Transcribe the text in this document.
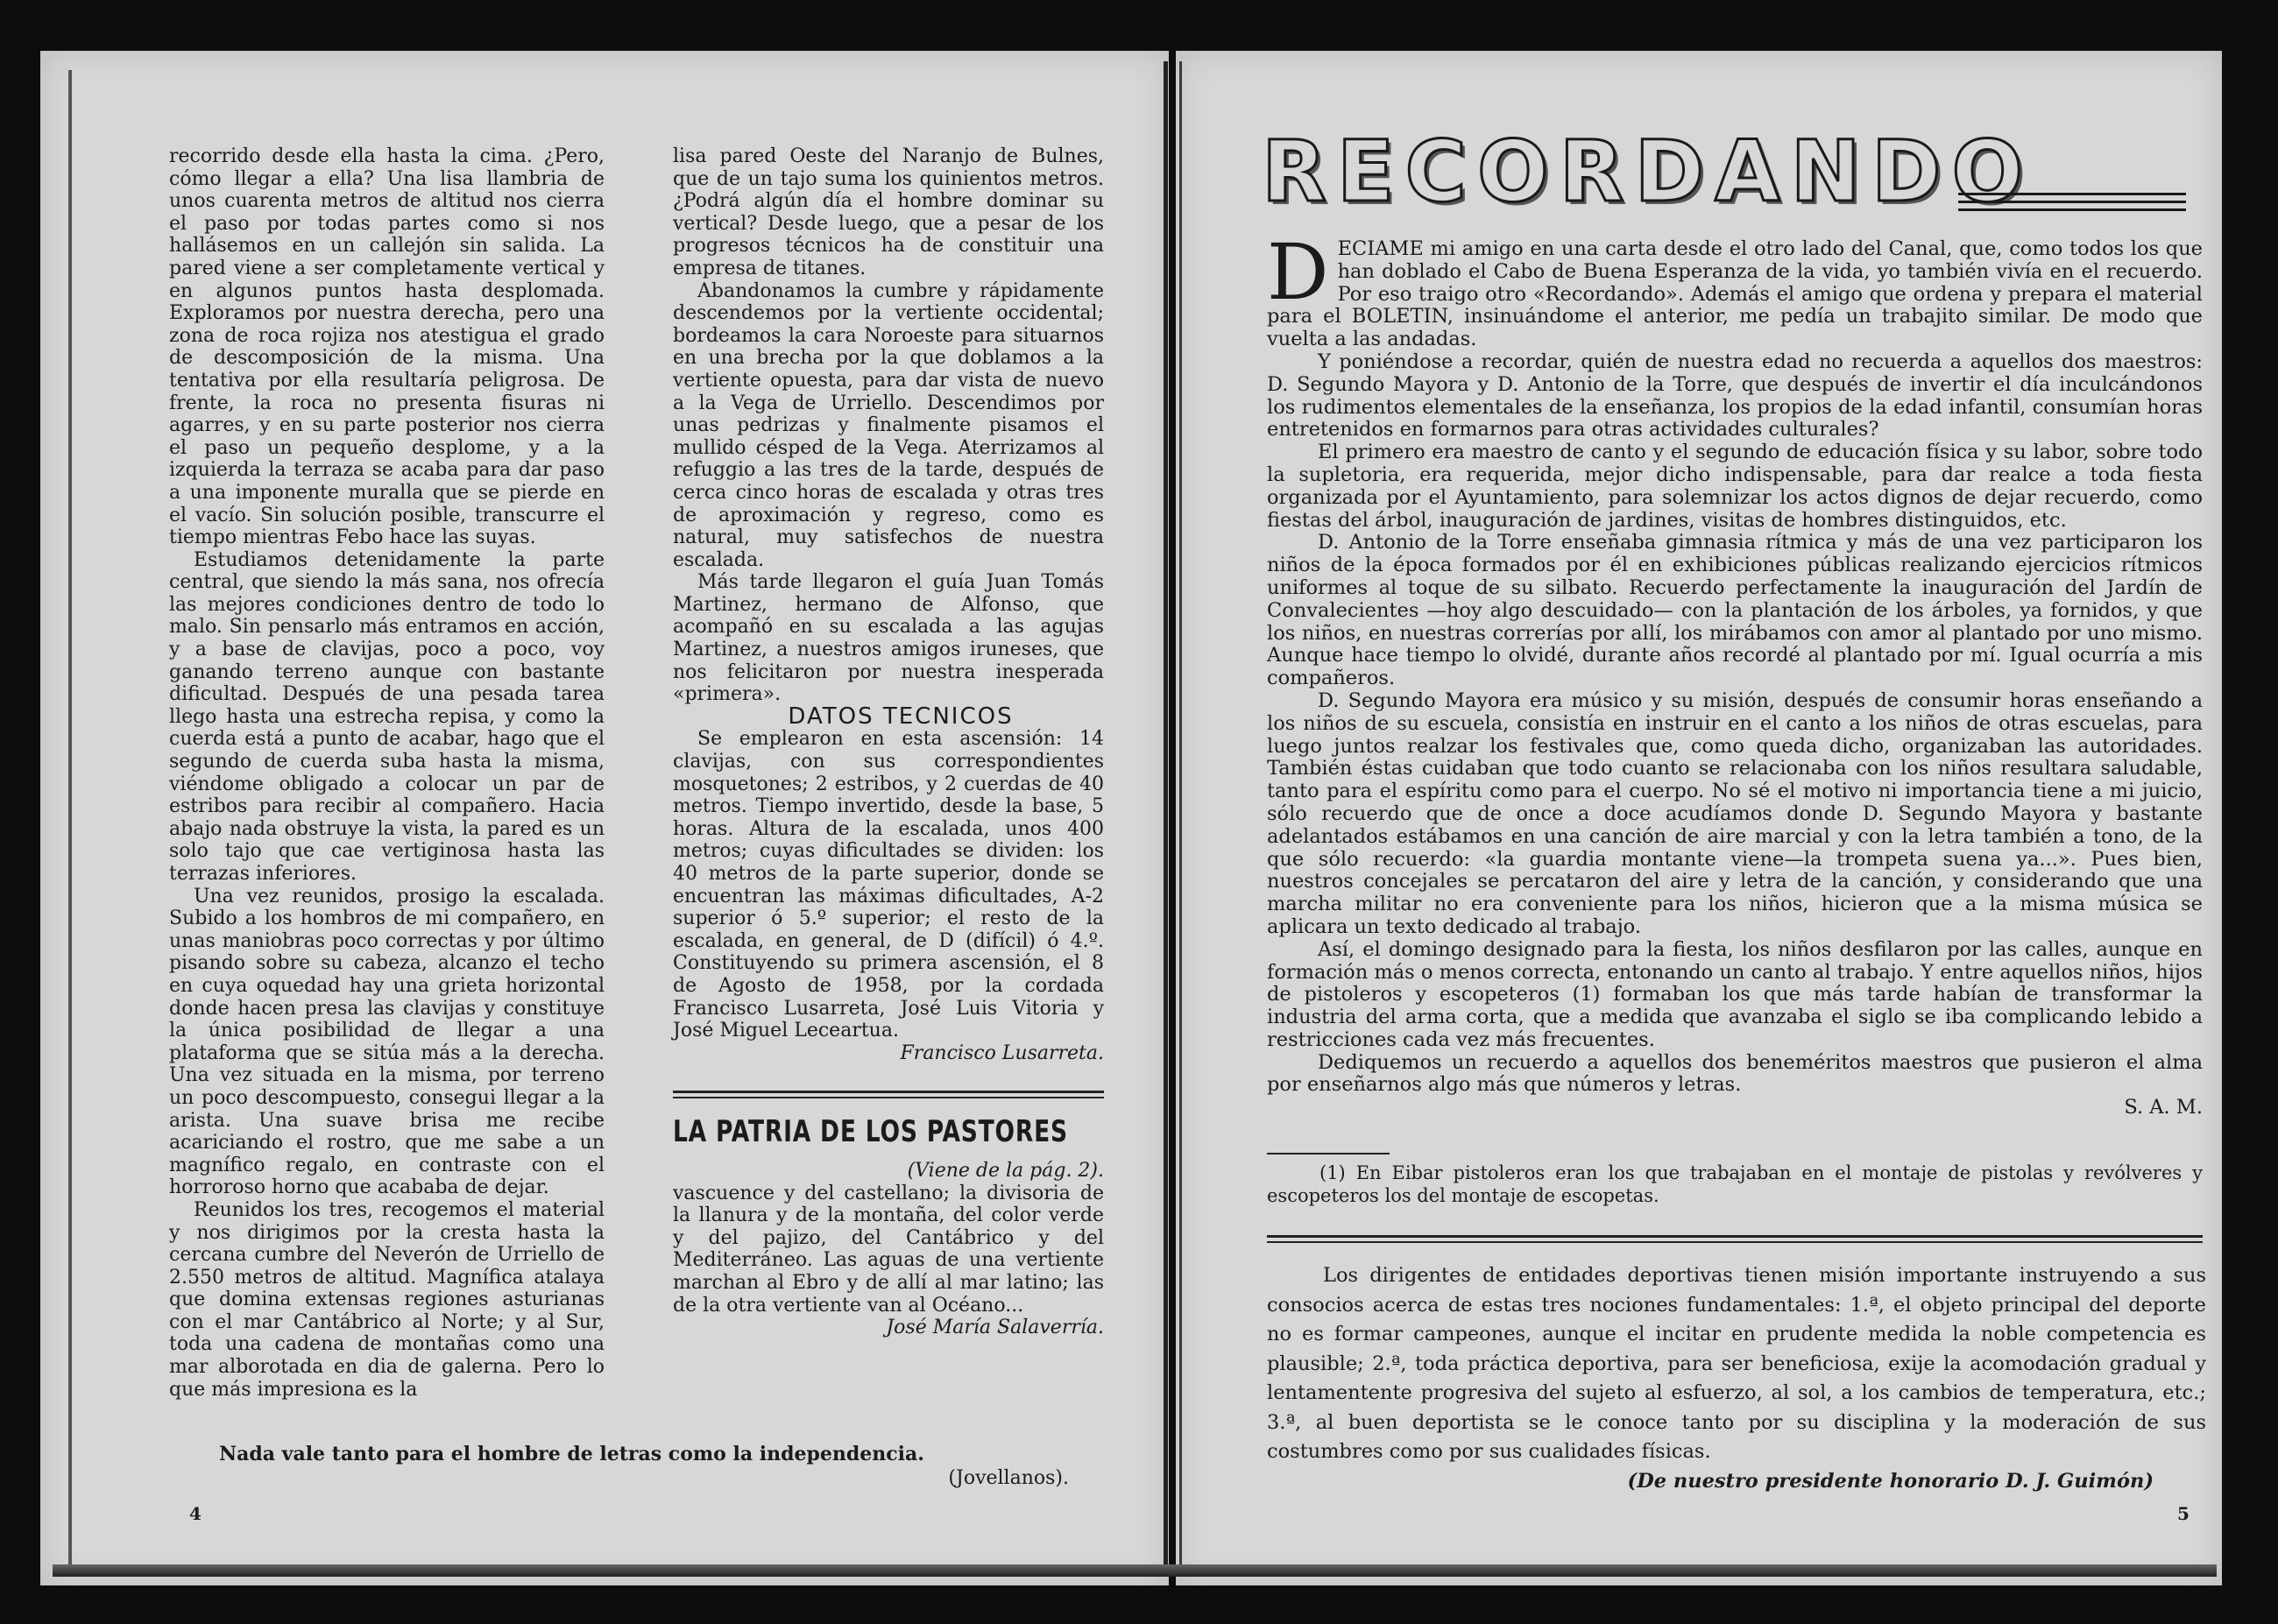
recorrido desde ella hasta la cima. ¿Pero, cómo llegar a ella? Una lisa llambria de unos cuarenta metros de altitud nos cierra el paso por todas partes como si nos hallásemos en un callejón sin salida. La pared viene a ser completamente vertical y en algunos puntos hasta desplomada. Exploramos por nuestra derecha, pero una zona de roca rojiza nos atestigua el grado de descomposición de la misma. Una tentativa por ella resultaría peligrosa. De frente, la roca no presenta fisuras ni agarres, y en su parte posterior nos cierra el paso un pequeño desplome, y a la izquierda la terraza se acaba para dar paso a una imponente muralla que se pierde en el vacío. Sin solución posible, transcurre el tiempo mientras Febo hace las suyas.

Estudiamos detenidamente la parte central, que siendo la más sana, nos ofrecía las mejores condiciones dentro de todo lo malo. Sin pensarlo más entramos en acción, y a base de clavijas, poco a poco, voy ganando terreno aunque con bastante dificultad. Después de una pesada tarea llego hasta una estrecha repisa, y como la cuerda está a punto de acabar, hago que el segundo de cuerda suba hasta la misma, viéndome obligado a colocar un par de estribos para recibir al compañero. Hacia abajo nada obstruye la vista, la pared es un solo tajo que cae vertiginosa hasta las terrazas inferiores.

Una vez reunidos, prosigo la escalada. Subido a los hombros de mi compañero, en unas maniobras poco correctas y por último pisando sobre su cabeza, alcanzo el techo en cuya oquedad hay una grieta horizontal donde hacen presa las clavijas y constituye la única posibilidad de llegar a una plataforma que se sitúa más a la derecha. Una vez situada en la misma, por terreno un poco descompuesto, consegui llegar a la arista. Una suave brisa me recibe acariciando el rostro, que me sabe a un magnífico regalo, en contraste con el horroroso horno que acababa de dejar.

Reunidos los tres, recogemos el material y nos dirigimos por la cresta hasta la cercana cumbre del Neverón de Urriello de 2.550 metros de altitud. Magnífica atalaya que domina extensas regiones asturianas con el mar Cantábrico al Norte; y al Sur, toda una cadena de montañas como una mar alborotada en dia de galerna. Pero lo que más impresiona es la

lisa pared Oeste del Naranjo de Bulnes, que de un tajo suma los quinientos metros. ¿Podrá algún día el hombre dominar su vertical? Desde luego, que a pesar de los progresos técnicos ha de constituir una empresa de titanes.

Abandonamos la cumbre y rápidamente descendemos por la vertiente occidental; bordeamos la cara Noroeste para situarnos en una brecha por la que doblamos a la vertiente opuesta, para dar vista de nuevo a la Vega de Urriello. Descendimos por unas pedrizas y finalmente pisamos el mullido césped de la Vega. Aterrizamos al refuggio a las tres de la tarde, después de cerca cinco horas de escalada y otras tres de aproximación y regreso, como es natural, muy satisfechos de nuestra escalada.

Más tarde llegaron el guía Juan Tomás Martinez, hermano de Alfonso, que acompañó en su escalada a las agujas Martinez, a nuestros amigos iruneses, que nos felicitaron por nuestra inesperada «primera».

DATOS TECNICOS

Se emplearon en esta ascensión: 14 clavijas, con sus correspondientes mosquetones; 2 estribos, y 2 cuerdas de 40 metros. Tiempo invertido, desde la base, 5 horas. Altura de la escalada, unos 400 metros; cuyas dificultades se dividen: los 40 metros de la parte superior, donde se encuentran las máximas dificultades, A-2 superior ó 5.º superior; el resto de la escalada, en general, de D (difícil) ó 4.º. Constituyendo su primera ascensión, el 8 de Agosto de 1958, por la cordada Francisco Lusarreta, José Luis Vitoria y José Miguel Leceartua.

Francisco Lusarreta.

LA PATRIA DE LOS PASTORES

(Viene de la pág. 2).

vascuence y del castellano; la divisoria de la llanura y de la montaña, del color verde y del pajizo, del Cantábrico y del Mediterráneo. Las aguas de una vertiente marchan al Ebro y de allí al mar latino; las de la otra vertiente van al Océano...

José María Salaverría.

Nada vale tanto para el hombre de letras como la independencia.
(Jovellanos).
4
RECORDANDO

DECIAME mi amigo en una carta desde el otro lado del Canal, que, como todos los que han doblado el Cabo de Buena Esperanza de la vida, yo también vivía en el recuerdo. Por eso traigo otro «Recordando». Además el amigo que ordena y prepara el material para el BOLETIN, insinuándome el anterior, me pedía un trabajito similar. De modo que vuelta a las andadas.

Y poniéndose a recordar, quién de nuestra edad no recuerda a aquellos dos maestros: D. Segundo Mayora y D. Antonio de la Torre, que después de invertir el día inculcándonos los rudimentos elementales de la enseñanza, los propios de la edad infantil, consumían horas entretenidos en formarnos para otras actividades culturales?

El primero era maestro de canto y el segundo de educación física y su labor, sobre todo la supletoria, era requerida, mejor dicho indispensable, para dar realce a toda fiesta organizada por el Ayuntamiento, para solemnizar los actos dignos de dejar recuerdo, como fiestas del árbol, inauguración de jardines, visitas de hombres distinguidos, etc.

D. Antonio de la Torre enseñaba gimnasia rítmica y más de una vez participaron los niños de la época formados por él en exhibiciones públicas realizando ejercicios rítmicos uniformes al toque de su silbato. Recuerdo perfectamente la inauguración del Jardín de Convalecientes —hoy algo descuidado— con la plantación de los árboles, ya fornidos, y que los niños, en nuestras correrías por allí, los mirábamos con amor al plantado por uno mismo. Aunque hace tiempo lo olvidé, durante años recordé al plantado por mí. Igual ocurría a mis compañeros.

D. Segundo Mayora era músico y su misión, después de consumir horas enseñando a los niños de su escuela, consistía en instruir en el canto a los niños de otras escuelas, para luego juntos realzar los festivales que, como queda dicho, organizaban las autoridades. También éstas cuidaban que todo cuanto se relacionaba con los niños resultara saludable, tanto para el espíritu como para el cuerpo. No sé el motivo ni importancia tiene a mi juicio, sólo recuerdo que de once a doce acudíamos donde D. Segundo Mayora y bastante adelantados estábamos en una canción de aire marcial y con la letra también a tono, de la que sólo recuerdo: «la guardia montante viene—la trompeta suena ya...». Pues bien, nuestros concejales se percataron del aire y letra de la canción, y considerando que una marcha militar no era conveniente para los niños, hicieron que a la misma música se aplicara un texto dedicado al trabajo.

Así, el domingo designado para la fiesta, los niños desfilaron por las calles, aunque en formación más o menos correcta, entonando un canto al trabajo. Y entre aquellos niños, hijos de pistoleros y escopeteros (1) formaban los que más tarde habían de transformar la industria del arma corta, que a medida que avanzaba el siglo se iba complicando lebido a restricciones cada vez más frecuentes.

Dediquemos un recuerdo a aquellos dos beneméritos maestros que pusieron el alma por enseñarnos algo más que números y letras.

S. A. M.

(1) En Eibar pistoleros eran los que trabajaban en el montaje de pistolas y revólveres y escopeteros los del montaje de escopetas.

Los dirigentes de entidades deportivas tienen misión importante instruyendo a sus consocios acerca de estas tres nociones fundamentales: 1.ª, el objeto principal del deporte no es formar campeones, aunque el incitar en prudente medida la noble competencia es plausible; 2.ª, toda práctica deportiva, para ser beneficiosa, exije la acomodación gradual y lentamentente progresiva del sujeto al esfuerzo, al sol, a los cambios de temperatura, etc.; 3.ª, al buen deportista se le conoce tanto por su disciplina y la moderación de sus costumbres como por sus cualidades físicas.

(De nuestro presidente honorario D. J. Guimón)

5
